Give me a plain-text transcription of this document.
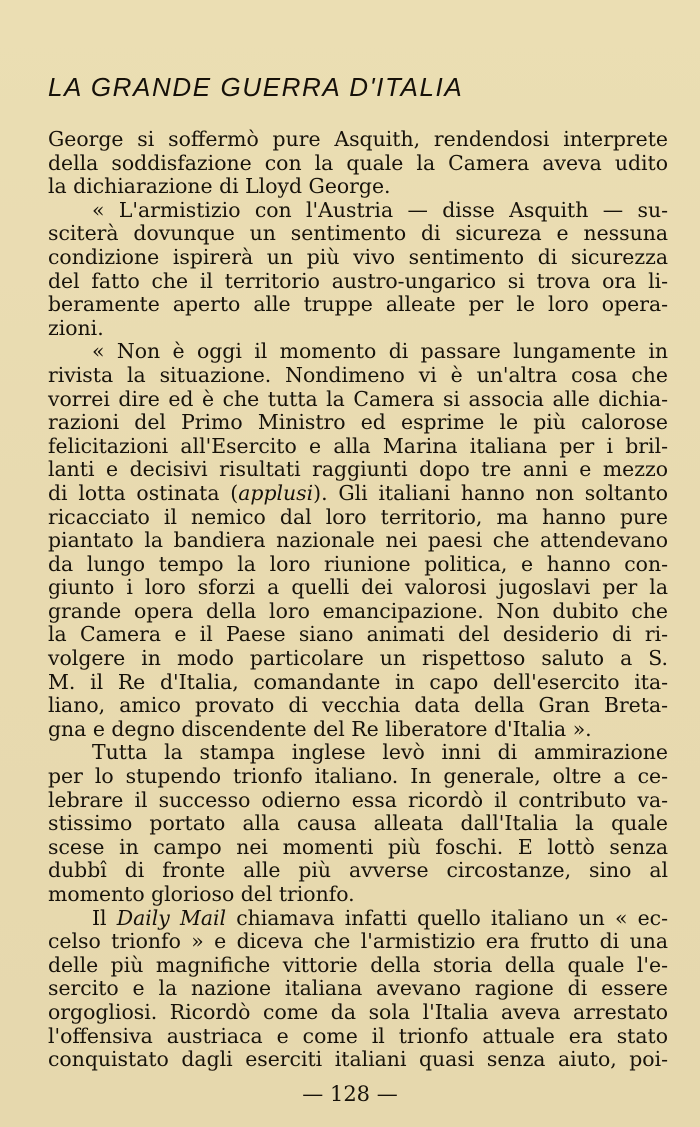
LA GRANDE GUERRA D'ITALIA
George si soffermò pure Asquith, rendendosi interprete
della soddisfazione con la quale la Camera aveva udito
la dichiarazione di Lloyd George.
« L'armistizio con l'Austria — disse Asquith — su-
sciterà dovunque un sentimento di sicureza e nessuna
condizione ispirerà un più vivo sentimento di sicurezza
del fatto che il territorio austro-ungarico si trova ora li-
beramente aperto alle truppe alleate per le loro opera-
zioni.
« Non è oggi il momento di passare lungamente in
rivista la situazione. Nondimeno vi è un'altra cosa che
vorrei dire ed è che tutta la Camera si associa alle dichia-
razioni del Primo Ministro ed esprime le più calorose
felicitazioni all'Esercito e alla Marina italiana per i bril-
lanti e decisivi risultati raggiunti dopo tre anni e mezzo
di lotta ostinata (applusi). Gli italiani hanno non soltanto
ricacciato il nemico dal loro territorio, ma hanno pure
piantato la bandiera nazionale nei paesi che attendevano
da lungo tempo la loro riunione politica, e hanno con-
giunto i loro sforzi a quelli dei valorosi jugoslavi per la
grande opera della loro emancipazione. Non dubito che
la Camera e il Paese siano animati del desiderio di ri-
volgere in modo particolare un rispettoso saluto a S.
M. il Re d'Italia, comandante in capo dell'esercito ita-
liano, amico provato di vecchia data della Gran Breta-
gna e degno discendente del Re liberatore d'Italia ».
Tutta la stampa inglese levò inni di ammirazione
per lo stupendo trionfo italiano. In generale, oltre a ce-
lebrare il successo odierno essa ricordò il contributo va-
stissimo portato alla causa alleata dall'Italia la quale
scese in campo nei momenti più foschi. E lottò senza
dubbî di fronte alle più avverse circostanze, sino al
momento glorioso del trionfo.
Il Daily Mail chiamava infatti quello italiano un « ec-
celso trionfo » e diceva che l'armistizio era frutto di una
delle più magnifiche vittorie della storia della quale l'e-
sercito e la nazione italiana avevano ragione di essere
orgogliosi. Ricordò come da sola l'Italia aveva arrestato
l'offensiva austriaca e come il trionfo attuale era stato
conquistato dagli eserciti italiani quasi senza aiuto, poi-
— 128 —
